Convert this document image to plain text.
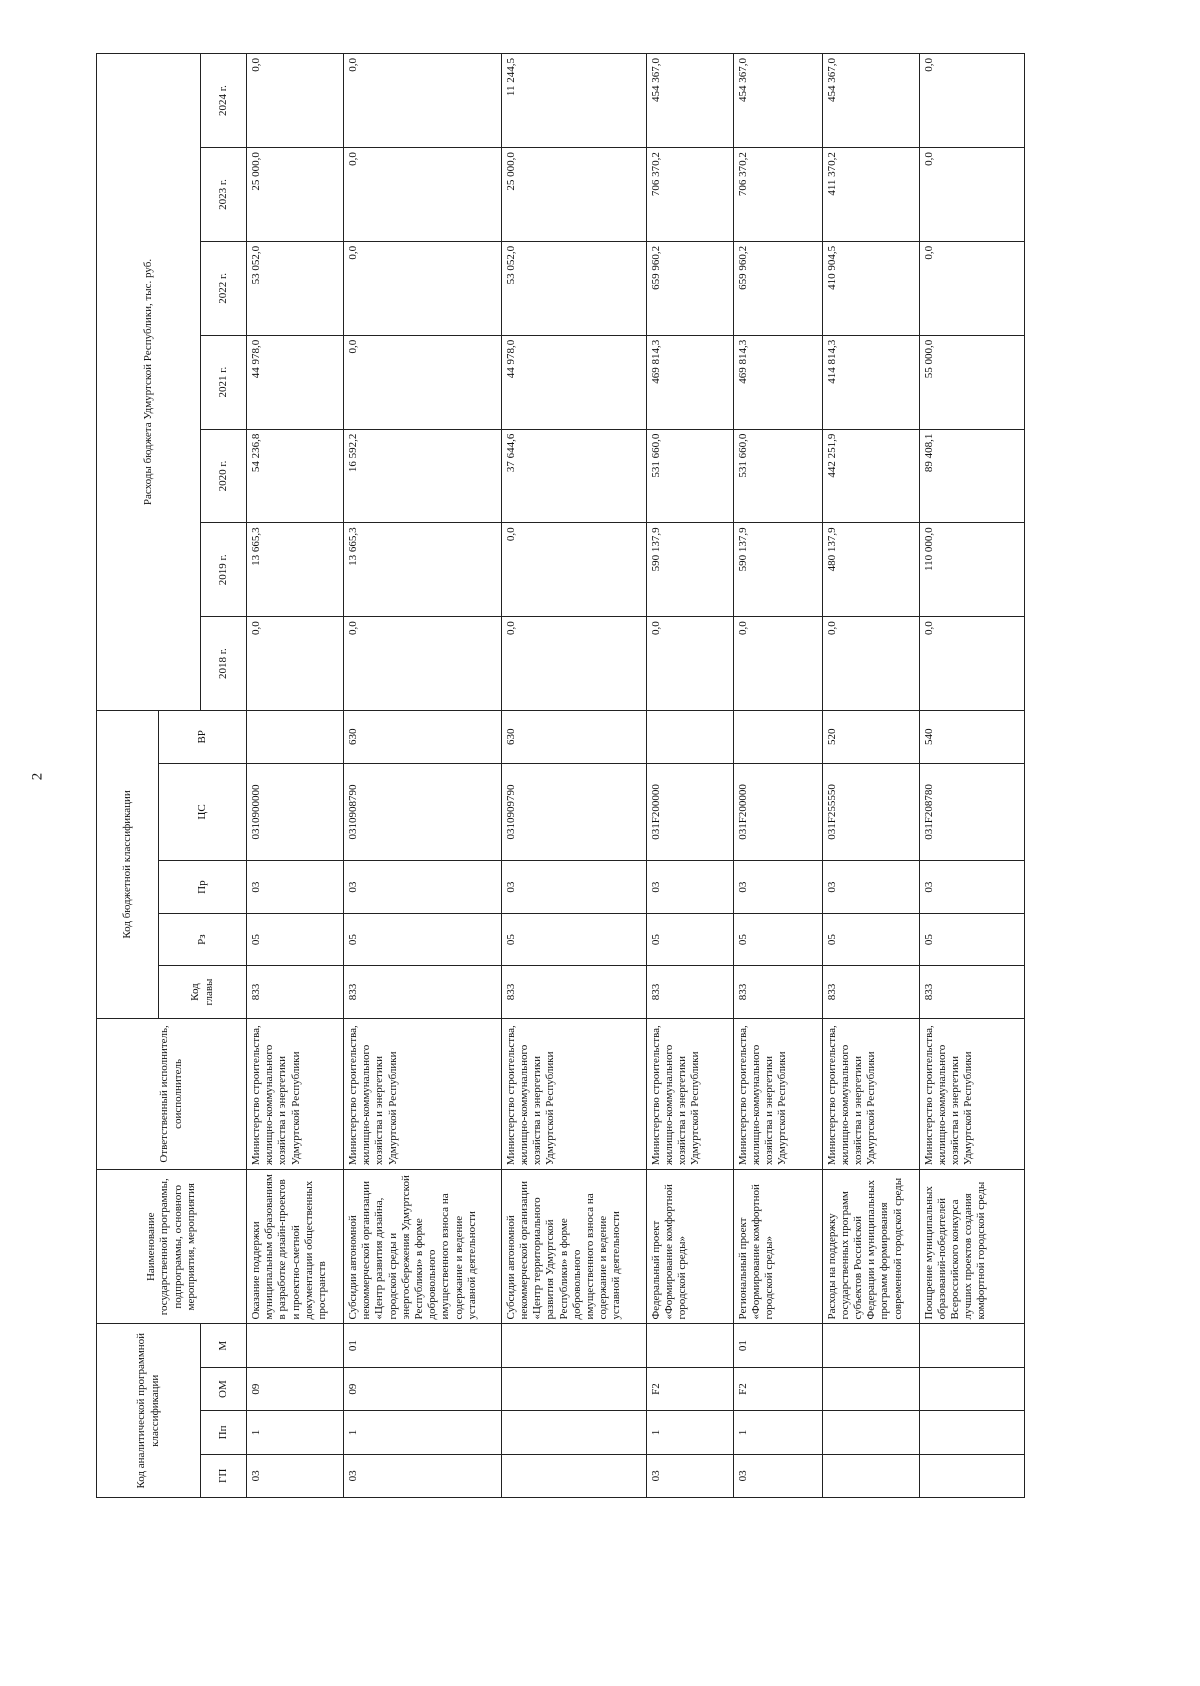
2
Код аналитической программной классификации				Наименование государственной программы, подпрограммы, основного мероприятия, мероприятия	Ответственный исполнитель, соисполнитель	Код бюджетной классификации					Расходы бюджета Удмуртской Республики, тыс. руб.						
						Код главы	Рз	Пр	ЦС	ВР							
ГП	Пп	ОМ	М								2018 г.	2019 г.	2020 г.	2021 г.	2022 г.	2023 г.	2024 г.
03	1	09		Оказание поддержки муниципальным образованиям в разработке дизайн-проектов и проектно-сметной документации общественных пространств	Министерство строительства, жилищно-коммунального хозяйства и энергетики Удмуртской Республики	833	05	03	0310900000		0,0	13 665,3	54 236,8	44 978,0	53 052,0	25 000,0	0,0
03	1	09	01	Субсидии автономной некоммерческой организации «Центр развития дизайна, городской среды и энергосбережения Удмуртской Республики» в форме добровольного имущественного взноса на содержание и ведение уставной деятельности	Министерство строительства, жилищно-коммунального хозяйства и энергетики Удмуртской Республики	833	05	03	0310908790	630	0,0	13 665,3	16 592,2	0,0	0,0	0,0	0,0
				Субсидии автономной некоммерческой организации «Центр территориального развития Удмуртской Республики» в форме добровольного имущественного взноса на содержание и ведение уставной деятельности	Министерство строительства, жилищно-коммунального хозяйства и энергетики Удмуртской Республики	833	05	03	0310909790	630	0,0	0,0	37 644,6	44 978,0	53 052,0	25 000,0	11 244,5
03	1	F2		Федеральный проект «Формирование комфортной городской среды»	Министерство строительства, жилищно-коммунального хозяйства и энергетики Удмуртской Республики	833	05	03	031F200000		0,0	590 137,9	531 660,0	469 814,3	659 960,2	706 370,2	454 367,0
03	1	F2	01	Региональный проект «Формирование комфортной городской среды»	Министерство строительства, жилищно-коммунального хозяйства и энергетики Удмуртской Республики	833	05	03	031F200000		0,0	590 137,9	531 660,0	469 814,3	659 960,2	706 370,2	454 367,0
				Расходы на поддержку государственных программ субъектов Российской Федерации и муниципальных программ формирования современной городской среды	Министерство строительства, жилищно-коммунального хозяйства и энергетики Удмуртской Республики	833	05	03	031F255550	520	0,0	480 137,9	442 251,9	414 814,3	410 904,5	411 370,2	454 367,0
				Поощрение муниципальных образований-победителей Всероссийского конкурса лучших проектов создания комфортной городской среды	Министерство строительства, жилищно-коммунального хозяйства и энергетики Удмуртской Республики	833	05	03	031F208780	540	0,0	110 000,0	89 408,1	55 000,0	0,0	0,0	0,0
